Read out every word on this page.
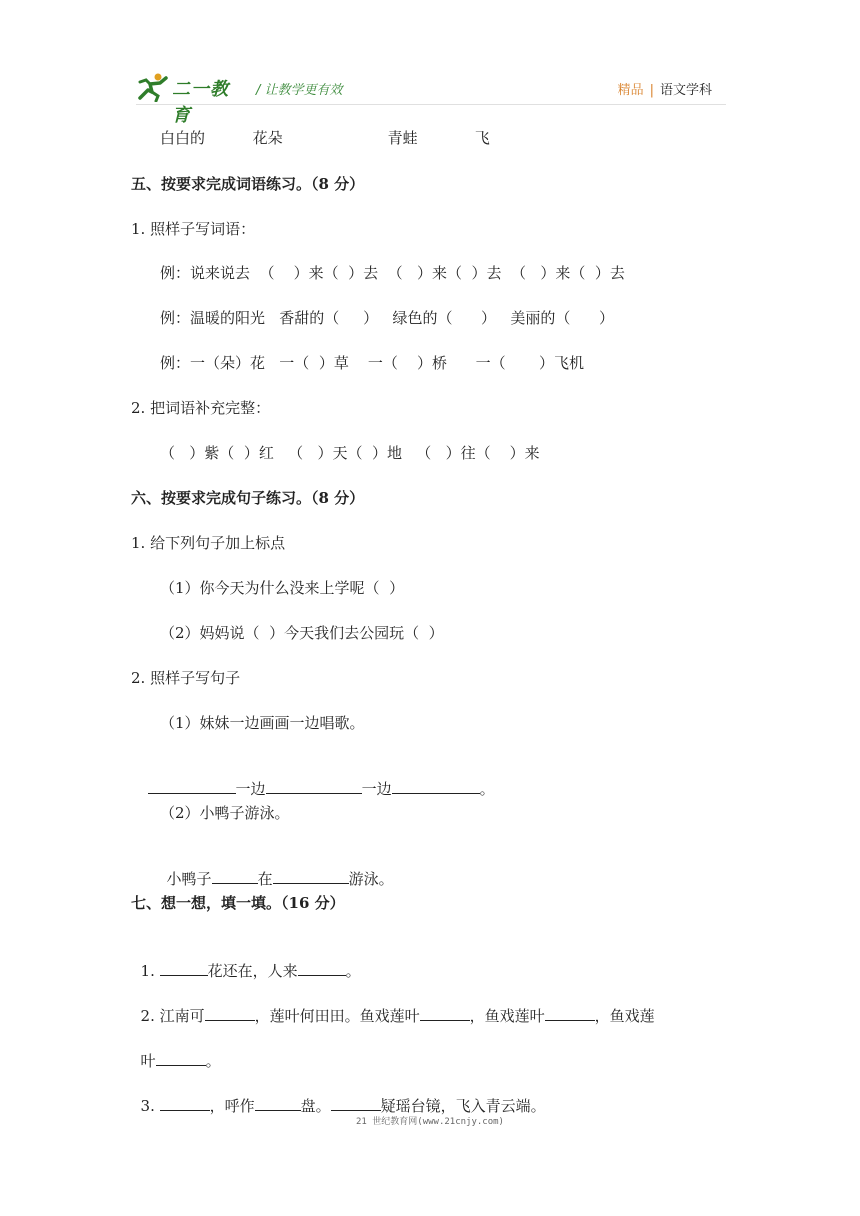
二一教育
/ 让教学更有效	精品 | 语文学科
白白的          花朵                      青蛙            飞
五、按要求完成词语练习。（8 分）
1. 照样子写词语：
例：说来说去  （    ）来（  ）去  （   ）来（  ）去  （   ）来（  ）去
例：温暖的阳光   香甜的（     ）   绿色的（      ）   美丽的（      ）
例：一（朵）花   一（  ）草    一（    ）桥      一（       ）飞机
2. 把词语补充完整：
（   ）紫（  ）红   （   ）天（  ）地   （   ）往（    ）来
六、按要求完成句子练习。（8 分）
1. 给下列句子加上标点
（1）你今天为什么没来上学呢（  ）
（2）妈妈说（  ）今天我们去公园玩（  ）
2. 照样子写句子
（1）妹妹一边画画一边唱歌。

一边	一边	。

（2）小鸭子游泳。

小鸭子	在	游泳。

七、想一想，填一填。（16 分）

1.	花还在，人来	。

2. 江南可	，莲叶何田田。鱼戏莲叶	，鱼戏莲叶	，鱼戏莲

叶	。

3.	，呼作	盘。	疑瑶台镜，飞入青云端。

21 世纪教育网(www.21cnjy.com)
